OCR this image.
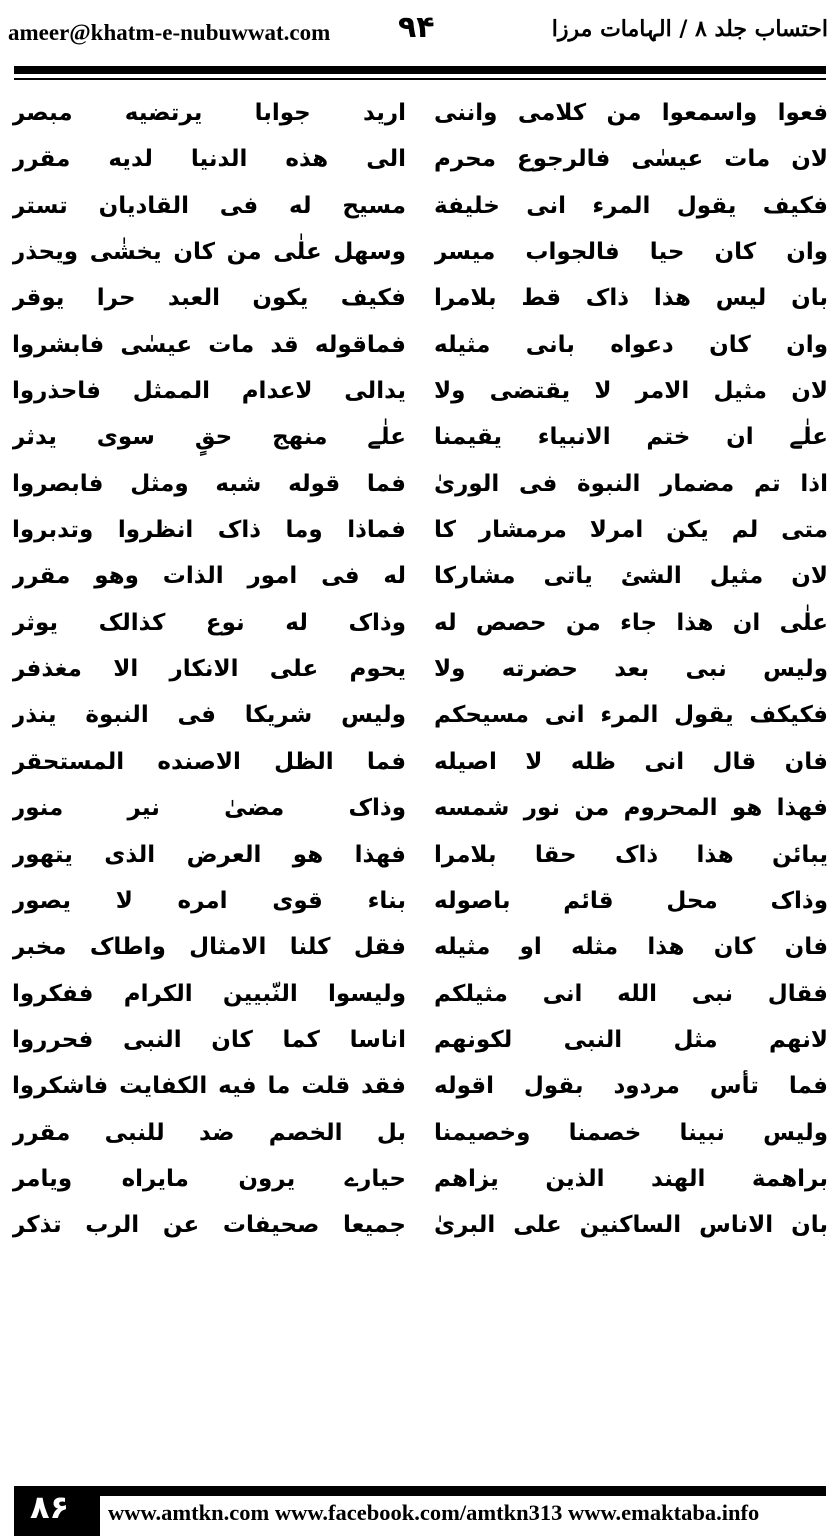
ameer@khatm-e-nubuwwat.com ۹۴	احتساب جلد ۸ / الہامات مرزا
فعوا واسمعوا من كلامى واننى
لان مات عيسٰى فالرجوع محرم
فكيف يقول المرء انى خليفة
وان كان حيا فالجواب ميسر
بان ليس هذا ذاک قط بلامرا
وان كان دعواه بانى مثيله
لان مثيل الامر لا يقتضى ولا
علٰے ان ختم الانبياء يقيمنا
اذا تم مضمار النبوة فى الورىٰ
متى لم يكن امرلا مرمشار كا
لان مثيل الشئ ياتى مشاركا
علٰى ان هذا جاء من حصص له
وليس نبى بعد حضرته ولا
فكيكف يقول المرء انى مسيحكم
فان قال انى ظله لا اصيله
فهذا هو المحروم من نور شمسه
يبائن هذا ذاک حقا بلامرا
وذاک محل قائم باصوله
فان كان هذا مثله او مثيله
فقال نبى الله انى مثيلكم
لانهم مثل النبى لكونهم
فما تأس مردود بقول اقوله
وليس نبينا خصمنا وخصيمنا
براهمة الهند الذين يزاهم
بان الاناس الساكنين على البرىٰ
اريد جوابا يرتضيه مبصر
الى هذه الدنيا لديه مقرر
مسيح له فى القاديان تستر
وسهل علٰى من كان يخشٰى ويحذر
فكيف يكون العبد حرا يوقر
فماقوله قد مات عيسٰى فابشروا
يدالى لاعدام الممثل فاحذروا
علٰے منهج حقٍ سوى يدثر
فما قوله شبه ومثل فابصروا
فماذا وما ذاک انظروا وتدبروا
له فى امور الذات وهو مقرر
وذاک له نوع كذالک يوثر
يحوم على الانكار الا مغذفر
وليس شريكا فى النبوة ينذر
فما الظل الاصنده المستحقر
وذاک مضىٰ نير منور
فهذا هو العرض الذى يتهور
بناء قوى امره لا يصور
فقل كلنا الامثال واطاک مخبر
وليسوا النّبيين الكرام ففكروا
اناسا كما كان النبى فحرروا
فقد قلت ما فيه الكفايت فاشكروا
بل الخصم ضد للنبى مقرر
حيارے يرون مايراه ويامر
جميعا صحيفات عن الرب تذكر
۸۶ www.amtkn.com www.facebook.com/amtkn313 www.emaktaba.info
